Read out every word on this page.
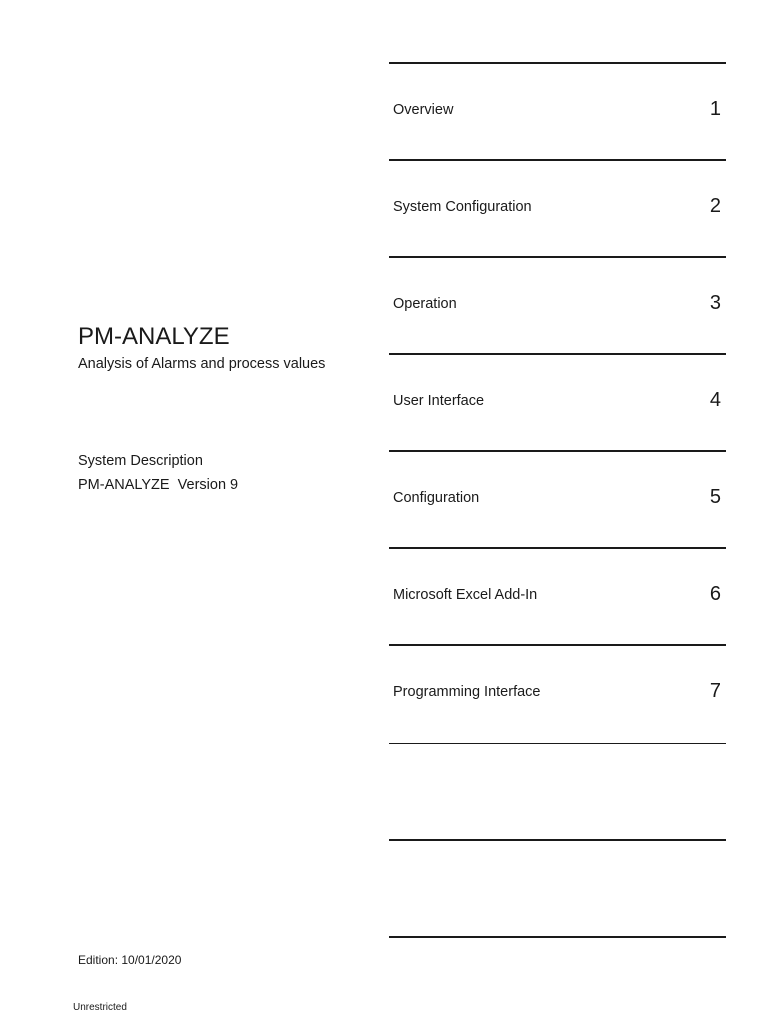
PM-ANALYZE
Analysis of Alarms and process values
System Description
PM-ANALYZE  Version 9
Edition: 10/01/2020
Unrestricted
Overview	1
System Configuration	2
Operation	3
User Interface	4
Configuration	5
Microsoft Excel Add-In	6
Programming Interface	7
